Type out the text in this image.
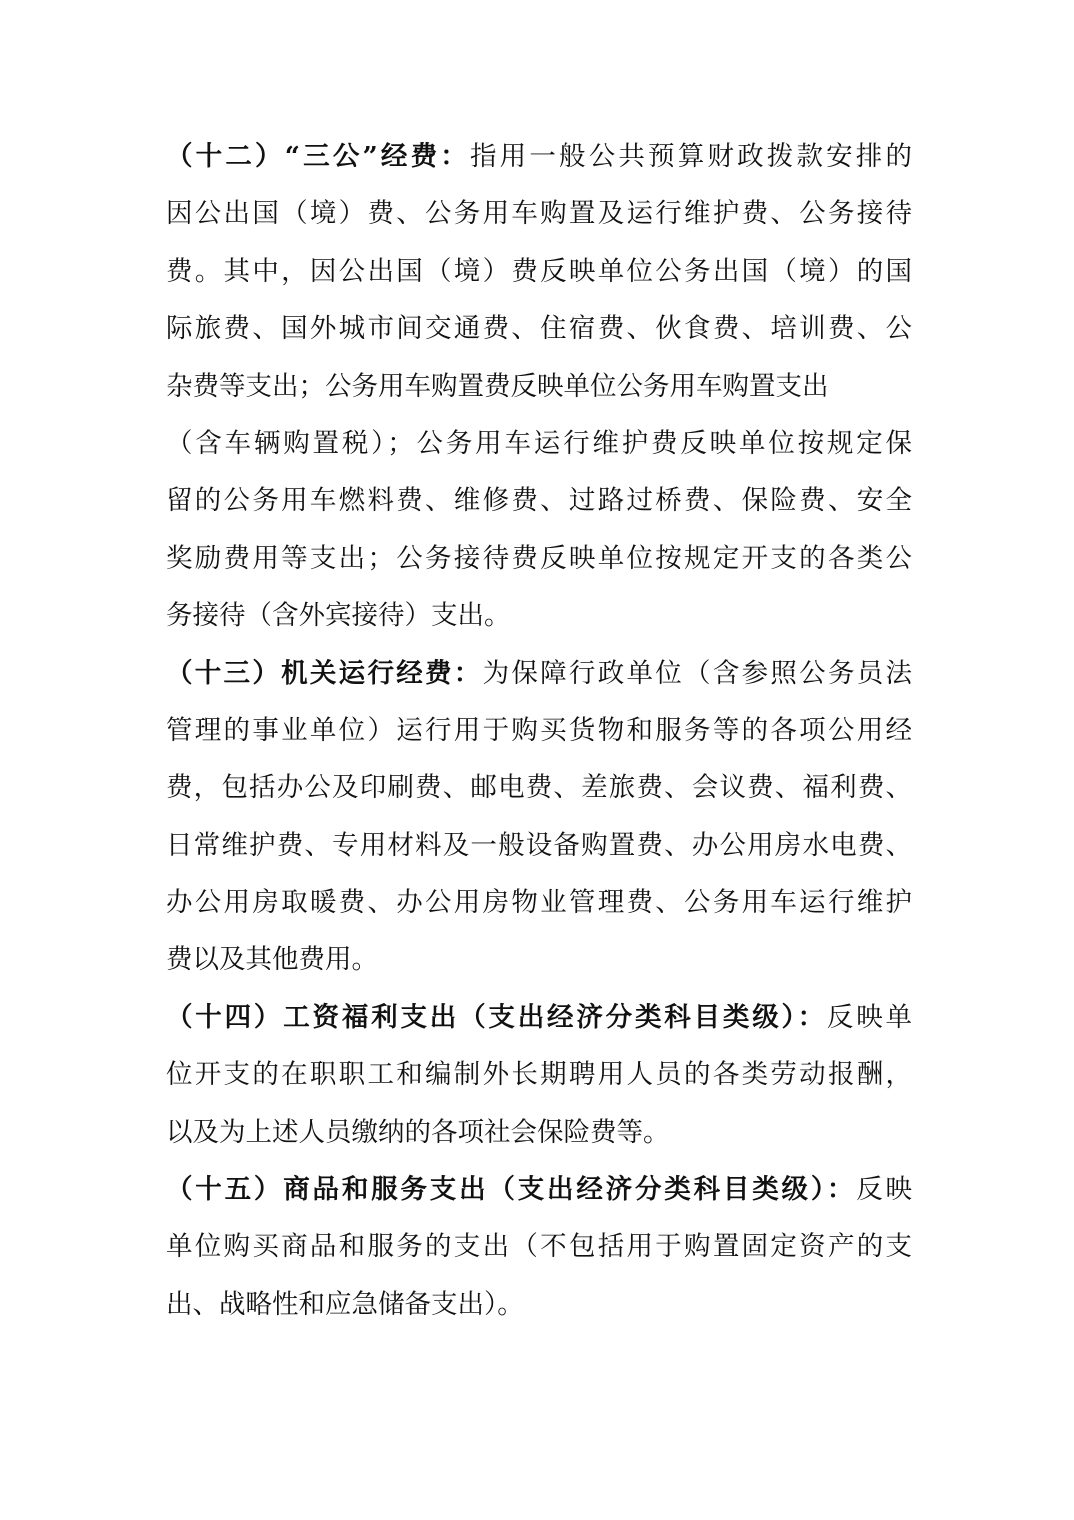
（十二）“三公”经费：指用一般公共预算财政拨款安排的
因公出国（境）费、公务用车购置及运行维护费、公务接待
费。其中，因公出国（境）费反映单位公务出国（境）的国
际旅费、国外城市间交通费、住宿费、伙食费、培训费、公
杂费等支出；公务用车购置费反映单位公务用车购置支出
（含车辆购置税）；公务用车运行维护费反映单位按规定保
留的公务用车燃料费、维修费、过路过桥费、保险费、安全
奖励费用等支出；公务接待费反映单位按规定开支的各类公
务接待（含外宾接待）支出。
（十三）机关运行经费：为保障行政单位（含参照公务员法
管理的事业单位）运行用于购买货物和服务等的各项公用经
费，包括办公及印刷费、邮电费、差旅费、会议费、福利费、
日常维护费、专用材料及一般设备购置费、办公用房水电费、
办公用房取暖费、办公用房物业管理费、公务用车运行维护
费以及其他费用。
（十四）工资福利支出（支出经济分类科目类级）：反映单
位开支的在职职工和编制外长期聘用人员的各类劳动报酬，
以及为上述人员缴纳的各项社会保险费等。
（十五）商品和服务支出（支出经济分类科目类级）：反映
单位购买商品和服务的支出（不包括用于购置固定资产的支
出、战略性和应急储备支出）。
